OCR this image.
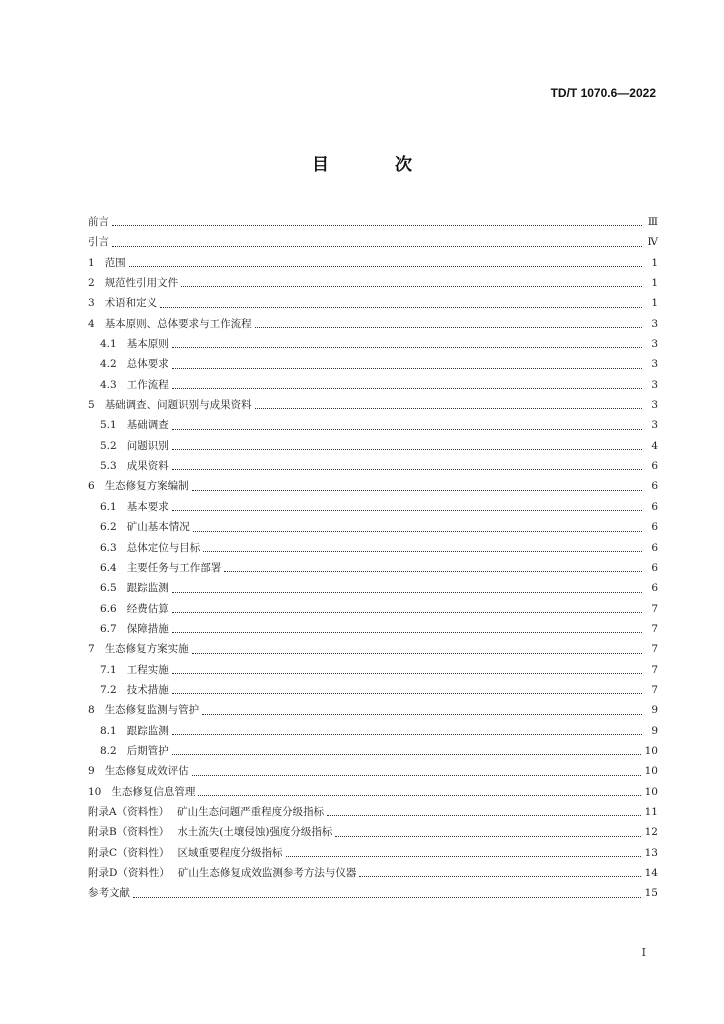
TD/T 1070.6—2022
目 次
前言	Ⅲ
引言	Ⅳ
1 范围	1
2 规范性引用文件	1
3 术语和定义	1
4 基本原则、总体要求与工作流程	3
4.1 基本原则	3
4.2 总体要求	3
4.3 工作流程	3
5 基础调查、问题识别与成果资料	3
5.1 基础调查	3
5.2 问题识别	4
5.3 成果资料	6
6 生态修复方案编制	6
6.1 基本要求	6
6.2 矿山基本情况	6
6.3 总体定位与目标	6
6.4 主要任务与工作部署	6
6.5 跟踪监测	6
6.6 经费估算	7
6.7 保障措施	7
7 生态修复方案实施	7
7.1 工程实施	7
7.2 技术措施	7
8 生态修复监测与管护	9
8.1 跟踪监测	9
8.2 后期管护	10
9 生态修复成效评估	10
10 生态修复信息管理	10
附录A（资料性） 矿山生态问题严重程度分级指标	11
附录B（资料性） 水土流失(土壤侵蚀)强度分级指标	12
附录C（资料性） 区域重要程度分级指标	13
附录D（资料性） 矿山生态修复成效监测参考方法与仪器	14
参考文献	15
I
